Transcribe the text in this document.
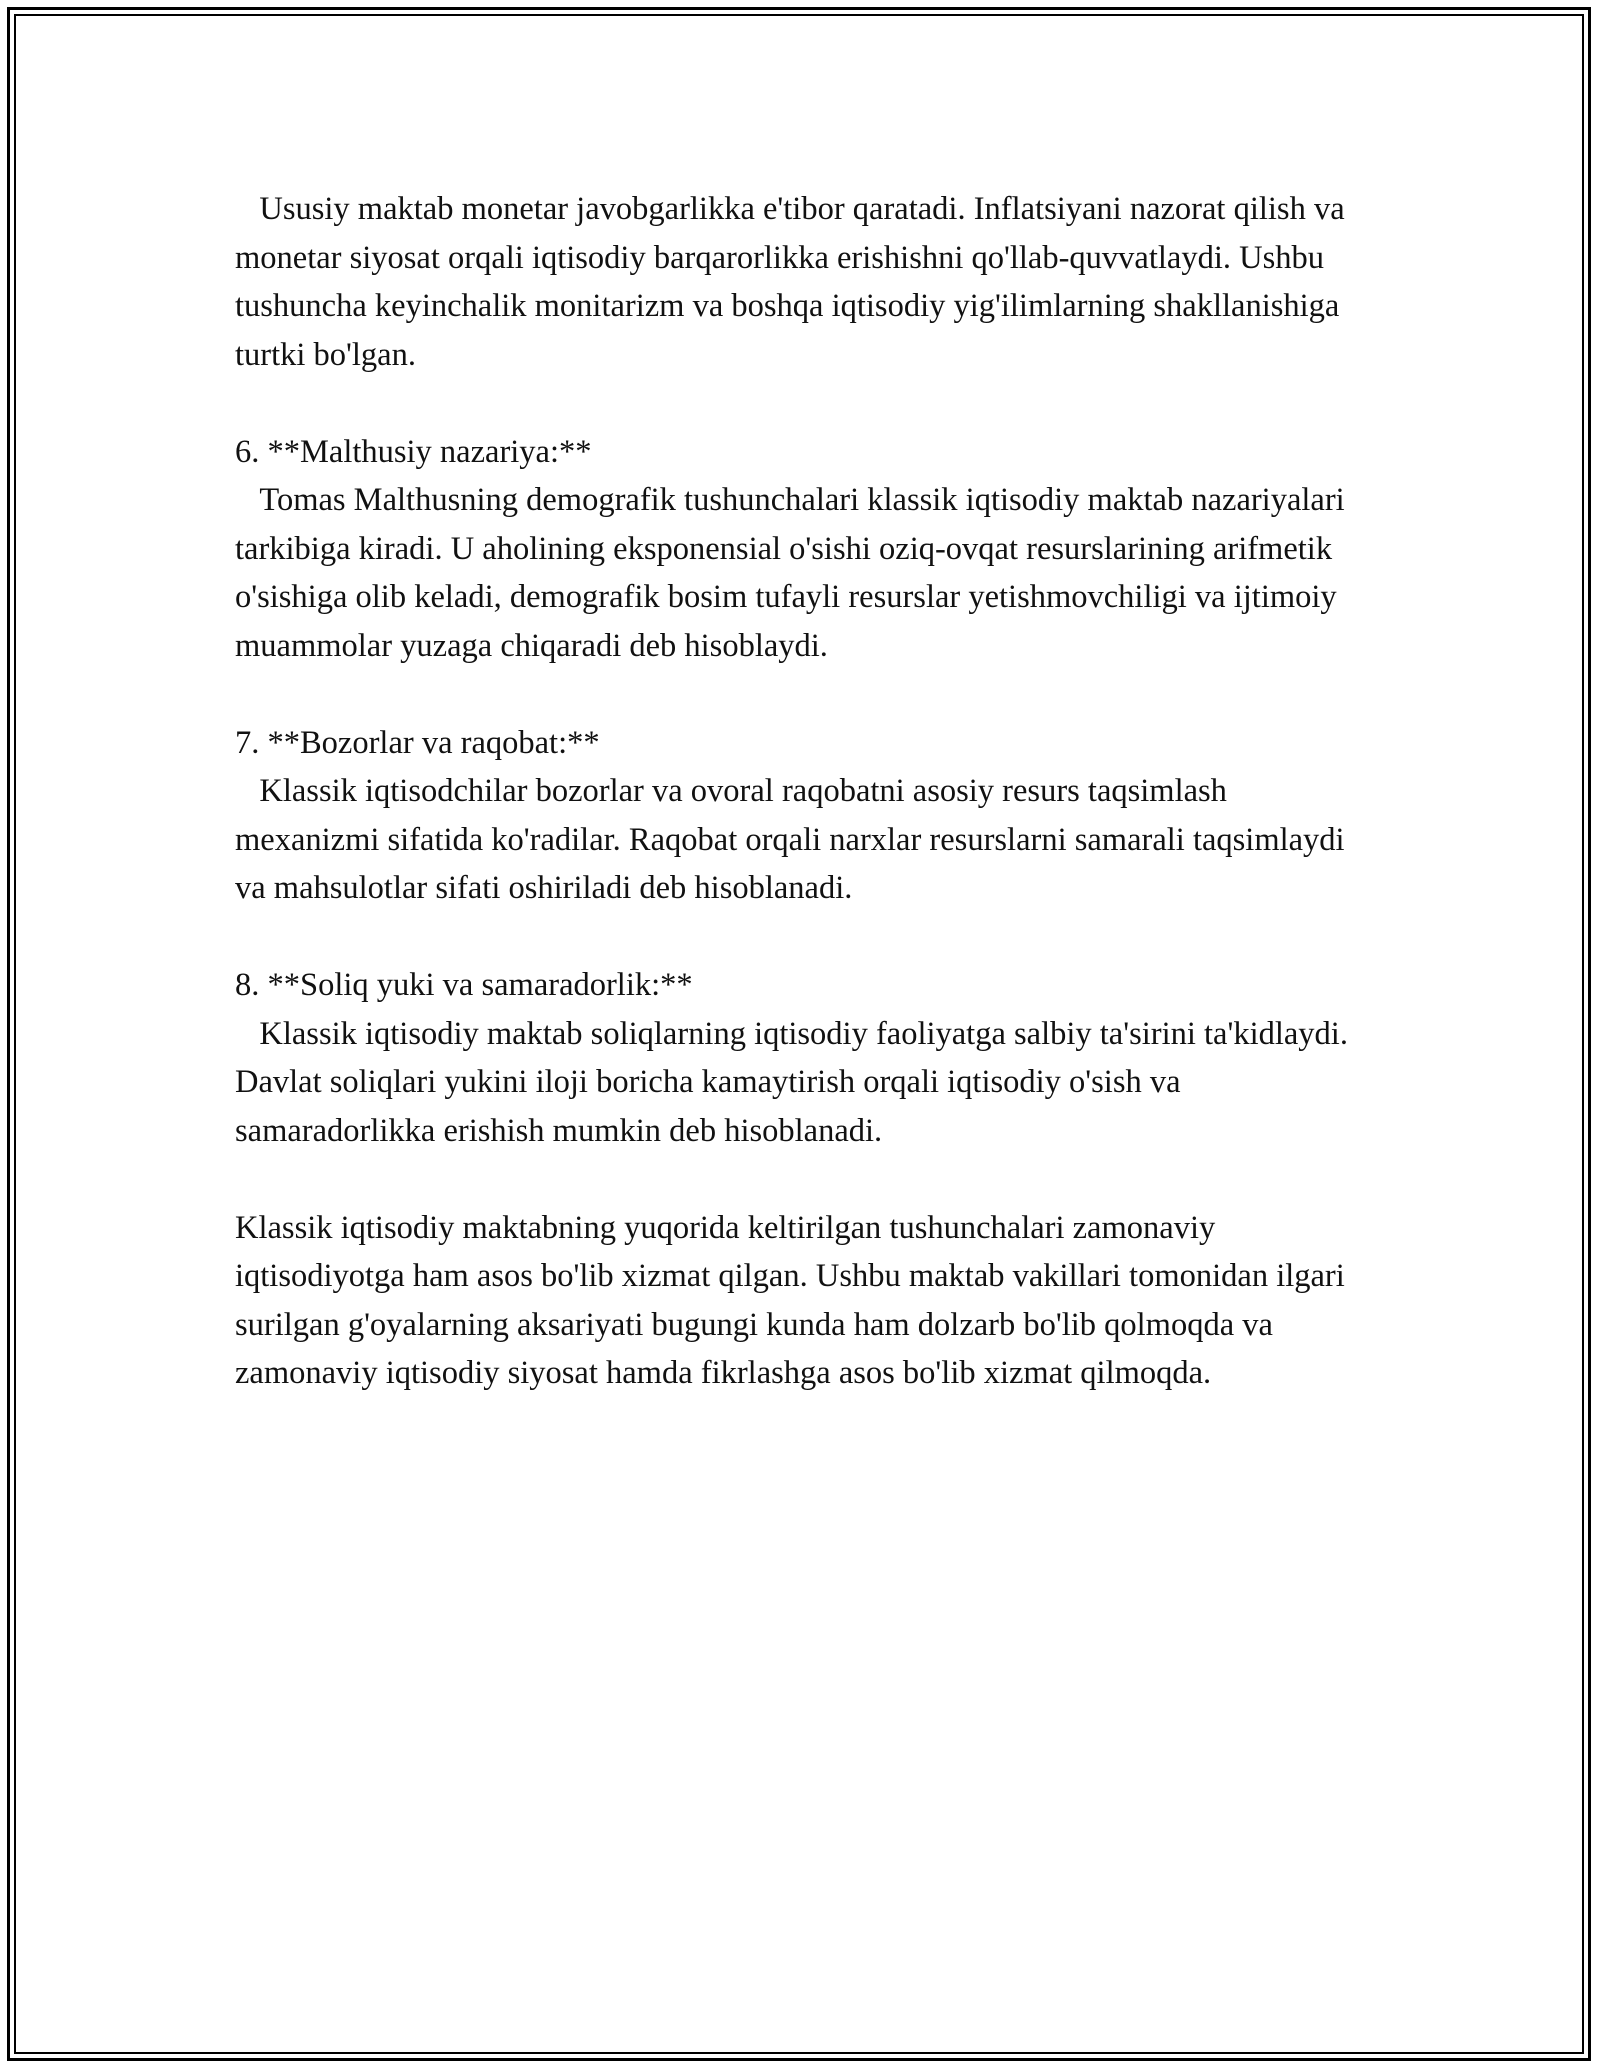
Ususiy maktab monetar javobgarlikka e'tibor qaratadi. Inflatsiyani nazorat qilish va monetar siyosat orqali iqtisodiy barqarorlikka erishishni qo'llab-quvvatlaydi. Ushbu tushuncha keyinchalik monitarizm va boshqa iqtisodiy yig'ilimlarning shakllanishiga turtki bo'lgan.

6. **Malthusiy nazariya:**

Tomas Malthusning demografik tushunchalari klassik iqtisodiy maktab nazariyalari tarkibiga kiradi. U aholining eksponensial o'sishi oziq-ovqat resurslarining arifmetik o'sishiga olib keladi, demografik bosim tufayli resurslar yetishmovchiligi va ijtimoiy muammolar yuzaga chiqaradi deb hisoblaydi.

7. **Bozorlar va raqobat:**

Klassik iqtisodchilar bozorlar va ovoral raqobatni asosiy resurs taqsimlash mexanizmi sifatida ko'radilar. Raqobat orqali narxlar resurslarni samarali taqsimlaydi va mahsulotlar sifati oshiriladi deb hisoblanadi.

8. **Soliq yuki va samaradorlik:**

Klassik iqtisodiy maktab soliqlarning iqtisodiy faoliyatga salbiy ta'sirini ta'kidlaydi. Davlat soliqlari yukini iloji boricha kamaytirish orqali iqtisodiy o'sish va samaradorlikka erishish mumkin deb hisoblanadi.

Klassik iqtisodiy maktabning yuqorida keltirilgan tushunchalari zamonaviy iqtisodiyotga ham asos bo'lib xizmat qilgan. Ushbu maktab vakillari tomonidan ilgari surilgan g'oyalarning aksariyati bugungi kunda ham dolzarb bo'lib qolmoqda va zamonaviy iqtisodiy siyosat hamda fikrlashga asos bo'lib xizmat qilmoqda.
